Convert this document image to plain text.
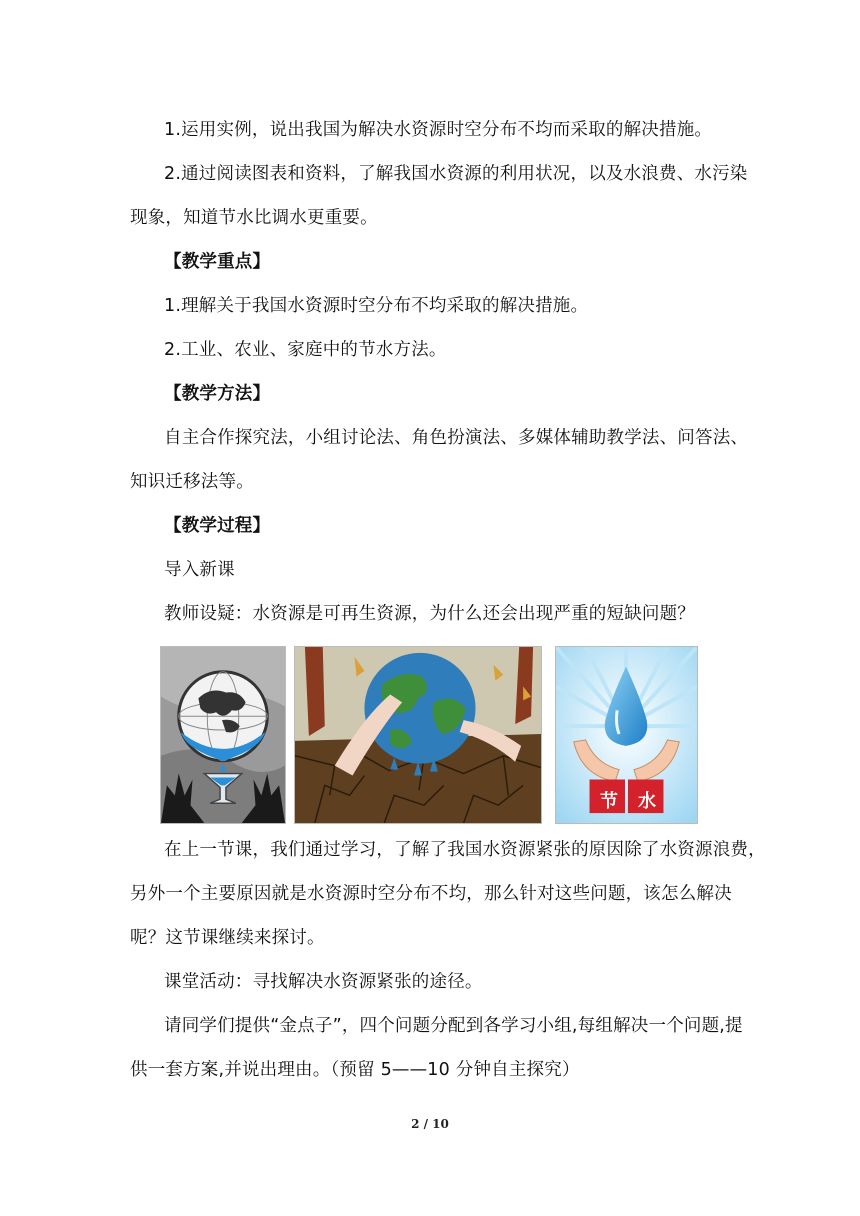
1.运用实例，说出我国为解决水资源时空分布不均而采取的解决措施。
2.通过阅读图表和资料，了解我国水资源的利用状况，以及水浪费、水污染
现象，知道节水比调水更重要。
【教学重点】
1.理解关于我国水资源时空分布不均采取的解决措施。
2.工业、农业、家庭中的节水方法。
【教学方法】
自主合作探究法，小组讨论法、角色扮演法、多媒体辅助教学法、问答法、
知识迁移法等。
【教学过程】
导入新课
教师设疑：水资源是可再生资源，为什么还会出现严重的短缺问题？
节	水
在上一节课，我们通过学习，了解了我国水资源紧张的原因除了水资源浪费，
另外一个主要原因就是水资源时空分布不均，那么针对这些问题，该怎么解决
呢？这节课继续来探讨。
课堂活动：寻找解决水资源紧张的途径。
请同学们提供“金点子”，四个问题分配到各学习小组,每组解决一个问题,提
供一套方案,并说出理由。（预留 5——10 分钟自主探究）
2 / 10
